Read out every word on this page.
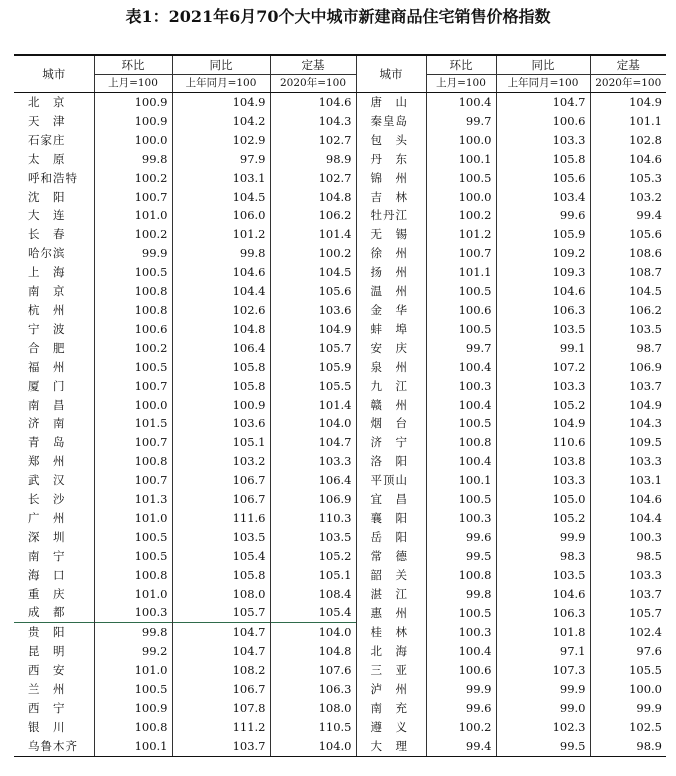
表1：2021年6月70个大中城市新建商品住宅销售价格指数
城市	环比	同比	定基	城市	环比	同比	定基
	上月=100	上年同月=100	2020年=100		上月=100	上年同月=100	2020年=100
北　京	100.9	104.9	104.6	唐　山	100.4	104.7	104.9
天　津	100.9	104.2	104.3	秦皇岛	99.7	100.6	101.1
石家庄	100.0	102.9	102.7	包　头	100.0	103.3	102.8
太　原	99.8	97.9	98.9	丹　东	100.1	105.8	104.6
呼和浩特	100.2	103.1	102.7	锦　州	100.5	105.6	105.3
沈　阳	100.7	104.5	104.8	吉　林	100.0	103.4	103.2
大　连	101.0	106.0	106.2	牡丹江	100.2	99.6	99.4
长　春	100.2	101.2	101.4	无　锡	101.2	105.9	105.6
哈尔滨	99.9	99.8	100.2	徐　州	100.7	109.2	108.6
上　海	100.5	104.6	104.5	扬　州	101.1	109.3	108.7
南　京	100.8	104.4	105.6	温　州	100.5	104.6	104.5
杭　州	100.8	102.6	103.6	金　华	100.6	106.3	106.2
宁　波	100.6	104.8	104.9	蚌　埠	100.5	103.5	103.5
合　肥	100.2	106.4	105.7	安　庆	99.7	99.1	98.7
福　州	100.5	105.8	105.9	泉　州	100.4	107.2	106.9
厦　门	100.7	105.8	105.5	九　江	100.3	103.3	103.7
南　昌	100.0	100.9	101.4	赣　州	100.4	105.2	104.9
济　南	101.5	103.6	104.0	烟　台	100.5	104.9	104.3
青　岛	100.7	105.1	104.7	济　宁	100.8	110.6	109.5
郑　州	100.8	103.2	103.3	洛　阳	100.4	103.8	103.3
武　汉	100.7	106.7	106.4	平顶山	100.1	103.3	103.1
长　沙	101.3	106.7	106.9	宜　昌	100.5	105.0	104.6
广　州	101.0	111.6	110.3	襄　阳	100.3	105.2	104.4
深　圳	100.5	103.5	103.5	岳　阳	99.6	99.9	100.3
南　宁	100.5	105.4	105.2	常　德	99.5	98.3	98.5
海　口	100.8	105.8	105.1	韶　关	100.8	103.5	103.3
重　庆	101.0	108.0	108.4	湛　江	99.8	104.6	103.7
成　都	100.3	105.7	105.4	惠　州	100.5	106.3	105.7
贵　阳	99.8	104.7	104.0	桂　林	100.3	101.8	102.4
昆　明	99.2	104.7	104.8	北　海	100.4	97.1	97.6
西　安	101.0	108.2	107.6	三　亚	100.6	107.3	105.5
兰　州	100.5	106.7	106.3	泸　州	99.9	99.9	100.0
西　宁	100.9	107.8	108.0	南　充	99.6	99.0	99.9
银　川	100.8	111.2	110.5	遵　义	100.2	102.3	102.5
乌鲁木齐	100.1	103.7	104.0	大　理	99.4	99.5	98.9
